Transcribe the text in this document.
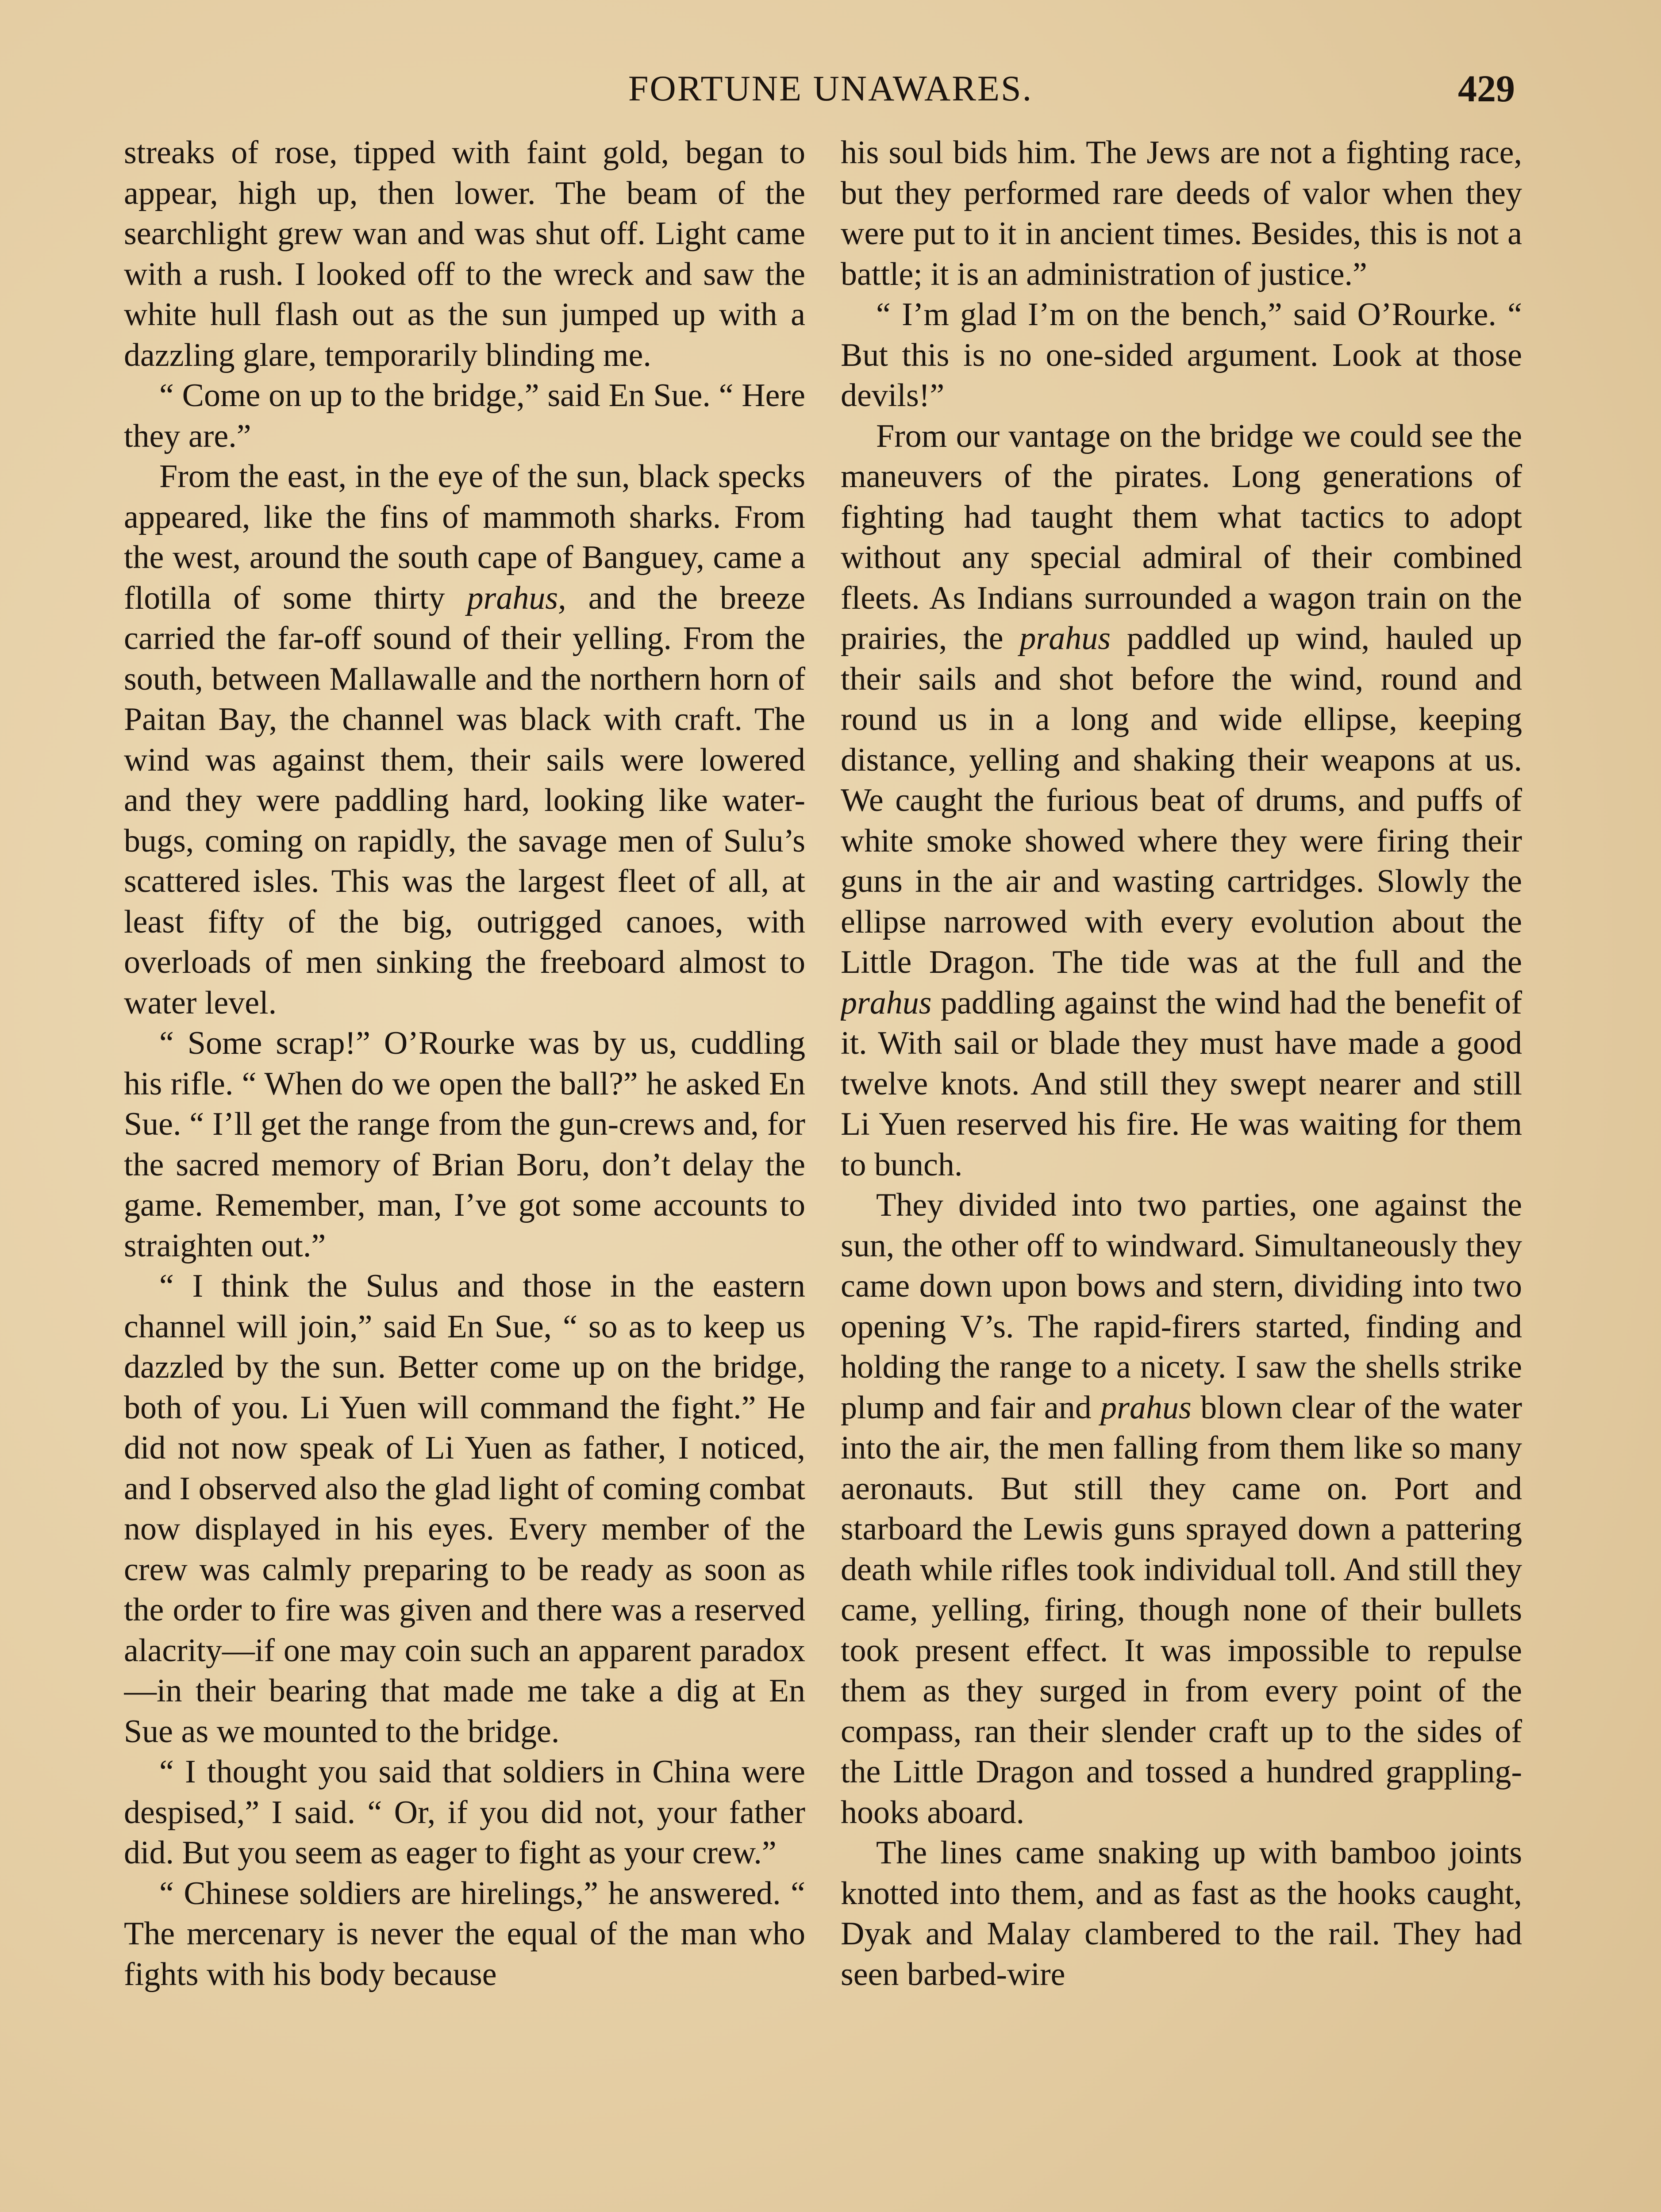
FORTUNE UNAWARES.	429

streaks of rose, tipped with faint gold, began to appear, high up, then lower. The beam of the searchlight grew wan and was shut off. Light came with a rush. I looked off to the wreck and saw the white hull flash out as the sun jumped up with a dazzling glare, temporarily blinding me.

“ Come on up to the bridge,” said En Sue. “ Here they are.”

From the east, in the eye of the sun, black specks appeared, like the fins of mammoth sharks. From the west, around the south cape of Banguey, came a flotilla of some thirty prahus, and the breeze carried the far-off sound of their yelling. From the south, between Mallawalle and the northern horn of Paitan Bay, the channel was black with craft. The wind was against them, their sails were lowered and they were paddling hard, looking like water-bugs, coming on rapidly, the savage men of Sulu’s scattered isles. This was the largest fleet of all, at least fifty of the big, outrigged canoes, with overloads of men sinking the freeboard almost to water level.

“ Some scrap!” O’Rourke was by us, cuddling his rifle. “ When do we open the ball?” he asked En Sue. “ I’ll get the range from the gun-crews and, for the sacred memory of Brian Boru, don’t delay the game. Remember, man, I’ve got some accounts to straighten out.”

“ I think the Sulus and those in the eastern channel will join,” said En Sue, “ so as to keep us dazzled by the sun. Better come up on the bridge, both of you. Li Yuen will command the fight.” He did not now speak of Li Yuen as father, I noticed, and I observed also the glad light of coming combat now displayed in his eyes. Every member of the crew was calmly preparing to be ready as soon as the order to fire was given and there was a reserved alacrity—if one may coin such an apparent paradox—in their bearing that made me take a dig at En Sue as we mounted to the bridge.

“ I thought you said that soldiers in China were despised,” I said. “ Or, if you did not, your father did. But you seem as eager to fight as your crew.”

“ Chinese soldiers are hirelings,” he answered. “ The mercenary is never the equal of the man who fights with his body because

his soul bids him. The Jews are not a fighting race, but they performed rare deeds of valor when they were put to it in ancient times. Besides, this is not a battle; it is an administration of justice.”

“ I’m glad I’m on the bench,” said O’Rourke. “ But this is no one-sided argument. Look at those devils!”

From our vantage on the bridge we could see the maneuvers of the pirates. Long generations of fighting had taught them what tactics to adopt without any special admiral of their combined fleets. As Indians surrounded a wagon train on the prairies, the prahus paddled up wind, hauled up their sails and shot before the wind, round and round us in a long and wide ellipse, keeping distance, yelling and shaking their weapons at us. We caught the furious beat of drums, and puffs of white smoke showed where they were firing their guns in the air and wasting cartridges. Slowly the ellipse narrowed with every evolution about the Little Dragon. The tide was at the full and the prahus paddling against the wind had the benefit of it. With sail or blade they must have made a good twelve knots. And still they swept nearer and still Li Yuen reserved his fire. He was waiting for them to bunch.

They divided into two parties, one against the sun, the other off to windward. Simultaneously they came down upon bows and stern, dividing into two opening V’s. The rapid-firers started, finding and holding the range to a nicety. I saw the shells strike plump and fair and prahus blown clear of the water into the air, the men falling from them like so many aeronauts. But still they came on. Port and starboard the Lewis guns sprayed down a pattering death while rifles took individual toll. And still they came, yelling, firing, though none of their bullets took present effect. It was impossible to repulse them as they surged in from every point of the compass, ran their slender craft up to the sides of the Little Dragon and tossed a hundred grappling-hooks aboard.

The lines came snaking up with bamboo joints knotted into them, and as fast as the hooks caught, Dyak and Malay clambered to the rail. They had seen barbed-wire
